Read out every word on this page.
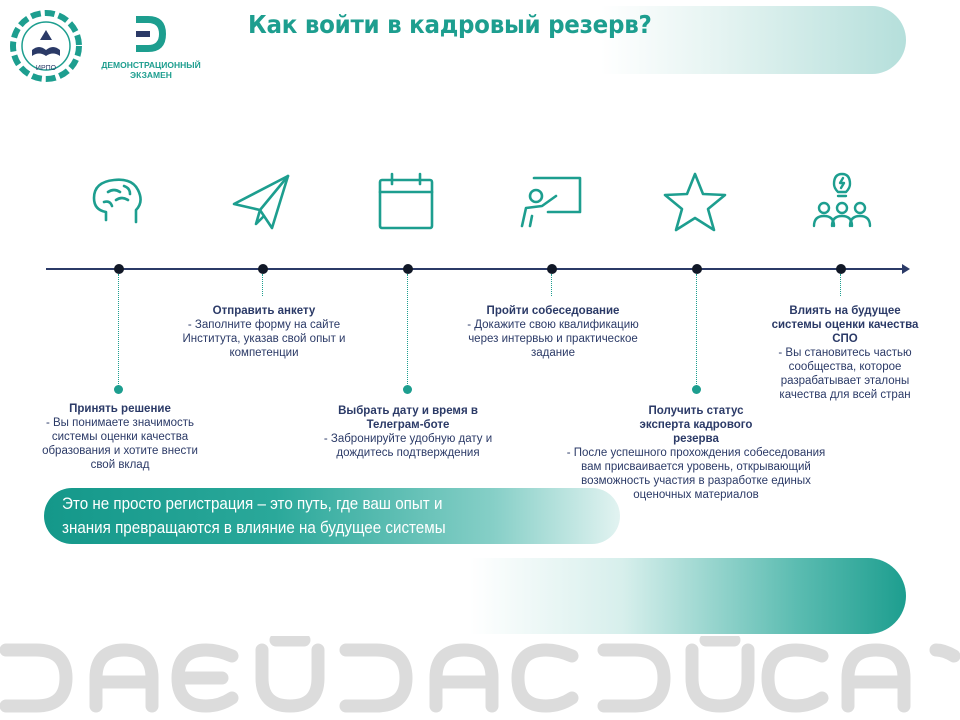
Как войти в кадровый резерв?
ИРПО	ДЕМОНСТРАЦИОННЫЙ
ЭКЗАМЕН
Принять решение
- Вы понимаете значимость системы оценки качества образования и хотите внести свой вклад
Отправить анкету
- Заполните форму на сайте Института, указав свой опыт и компетенции
Выбрать дату и время в Телеграм-боте
- Забронируйте удобную дату и дождитесь подтверждения
Пройти собеседование
- Докажите свою квалификацию через интервью и практическое задание
Получить статус эксперта кадрового резерва
- После успешного прохождения собеседования вам присваивается уровень, открывающий возможность участия в разработке единых оценочных материалов
Влиять на будущее системы оценки качества СПО
- Вы становитесь частью сообщества, которое разрабатывает эталоны качества для всей стран
Это не просто регистрация – это путь, где ваш опыт и знания превращаются в влияние на будущее системы оценки
